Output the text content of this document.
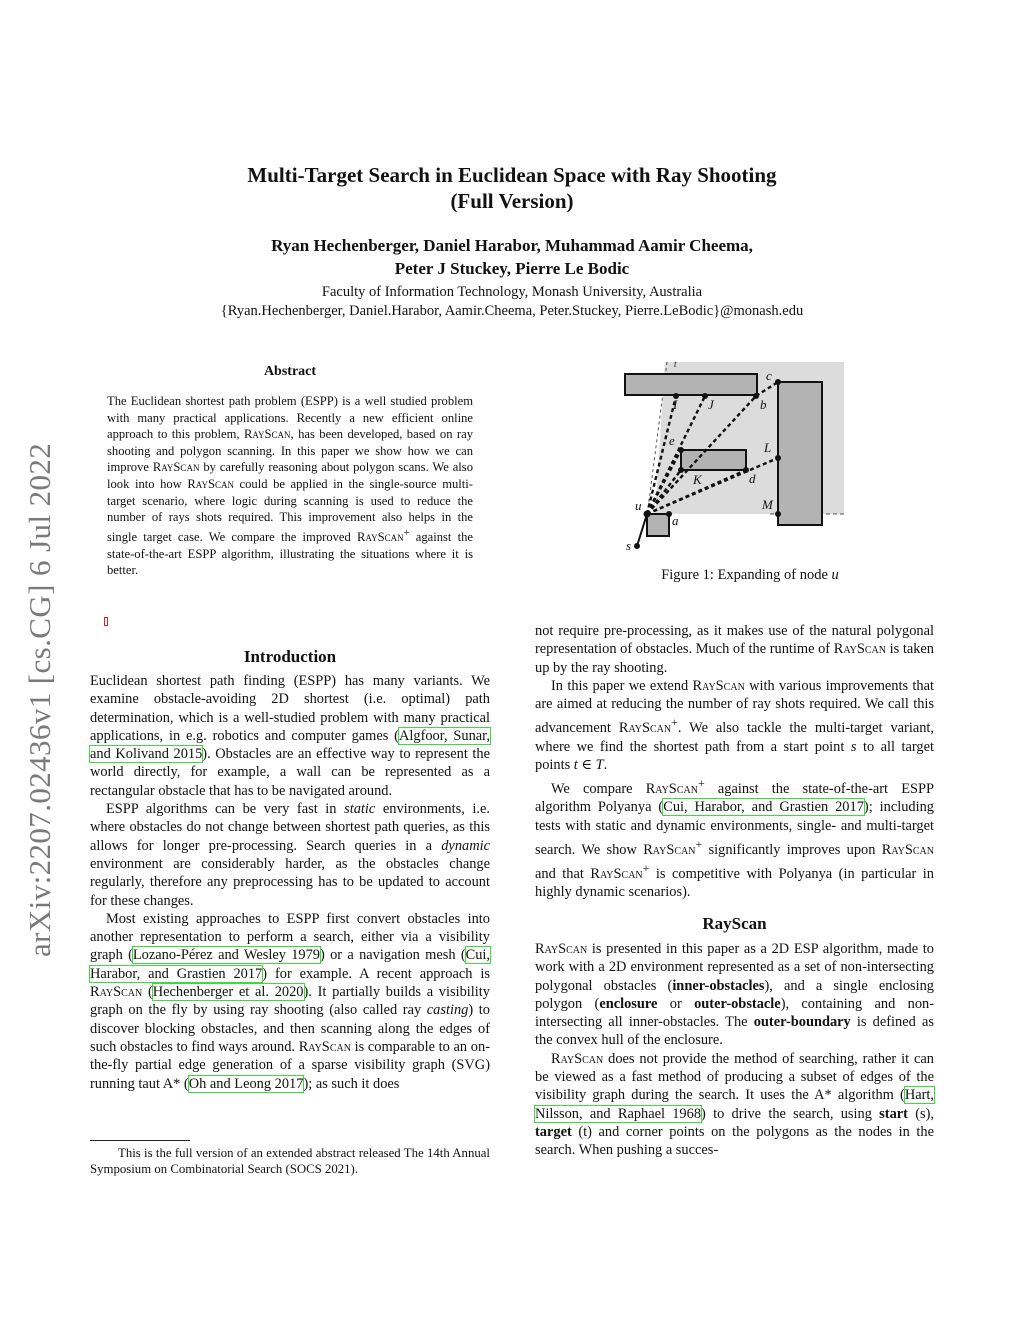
Multi-Target Search in Euclidean Space with Ray Shooting
(Full Version)
Ryan Hechenberger, Daniel Harabor, Muhammad Aamir Cheema,
Peter J Stuckey, Pierre Le Bodic
Faculty of Information Technology, Monash University, Australia
{Ryan.Hechenberger, Daniel.Harabor, Aamir.Cheema, Peter.Stuckey, Pierre.LeBodic}@monash.edu
arXiv:2207.02436v1 [cs.CG] 6 Jul 2022
Abstract
The Euclidean shortest path problem (ESPP) is a well studied problem with many practical applications. Recently a new efficient online approach to this problem, RayScan, has been developed, based on ray shooting and polygon scanning. In this paper we show how we can improve RayScan by carefully reasoning about polygon scans. We also look into how RayScan could be applied in the single-source multi-target scenario, where logic during scanning is used to reduce the number of rays shots required. This improvement also helps in the single target case. We compare the improved RayScan+ against the state-of-the-art ESPP algorithm, illustrating the situations where it is better.
Introduction

Euclidean shortest path finding (ESPP) has many variants. We examine obstacle-avoiding 2D shortest (i.e. optimal) path determination, which is a well-studied problem with many practical applications, in e.g. robotics and computer games (Algfoor, Sunar, and Kolivand 2015). Obstacles are an effective way to represent the world directly, for example, a wall can be represented as a rectangular obstacle that has to be navigated around.

ESPP algorithms can be very fast in static environments, i.e. where obstacles do not change between shortest path queries, as this allows for longer pre-processing. Search queries in a dynamic environment are considerably harder, as the obstacles change regularly, therefore any preprocessing has to be updated to account for these changes.

Most existing approaches to ESPP first convert obstacles into another representation to perform a search, either via a visibility graph (Lozano-Pérez and Wesley 1979) or a navigation mesh (Cui, Harabor, and Grastien 2017) for example. A recent approach is RayScan (Hechenberger et al. 2020). It partially builds a visibility graph on the fly by using ray shooting (also called ray casting) to discover blocking obstacles, and then scanning along the edges of such obstacles to find ways around. RayScan is comparable to an on-the-fly partial edge generation of a sparse visibility graph (SVG) running taut A* (Oh and Leong 2017); as such it does

This is the full version of an extended abstract released The 14th Annual Symposium on Combinatorial Search (SOCS 2021).

t
c
I J	b
e	L
K	d
u	M
a
s
Figure 1: Expanding of node u

not require pre-processing, as it makes use of the natural polygonal representation of obstacles. Much of the runtime of RayScan is taken up by the ray shooting.

In this paper we extend RayScan with various improvements that are aimed at reducing the number of ray shots required. We call this advancement RayScan+. We also tackle the multi-target variant, where we find the shortest path from a start point s to all target points t ∈ T.

We compare RayScan+ against the state-of-the-art ESPP algorithm Polyanya (Cui, Harabor, and Grastien 2017); including tests with static and dynamic environments, single- and multi-target search. We show RayScan+ significantly improves upon RayScan and that RayScan+ is competitive with Polyanya (in particular in highly dynamic scenarios).

RayScan

RayScan is presented in this paper as a 2D ESP algorithm, made to work with a 2D environment represented as a set of non-intersecting polygonal obstacles (inner-obstacles), and a single enclosing polygon (enclosure or outer-obstacle), containing and non-intersecting all inner-obstacles. The outer-boundary is defined as the convex hull of the enclosure.

RayScan does not provide the method of searching, rather it can be viewed as a fast method of producing a subset of edges of the visibility graph during the search. It uses the A* algorithm (Hart, Nilsson, and Raphael 1968) to drive the search, using start (s), target (t) and corner points on the polygons as the nodes in the search. When pushing a succes-
